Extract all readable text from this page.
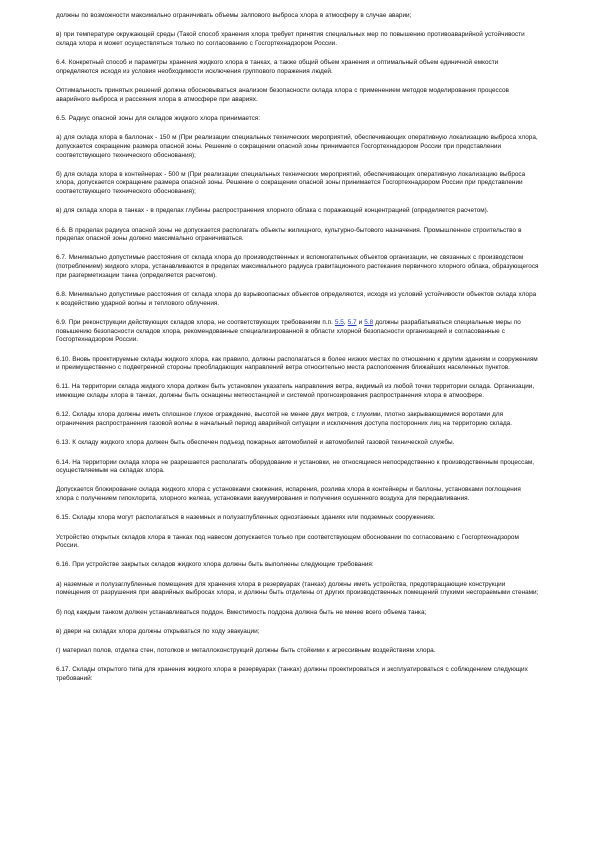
должны по возможности максимально ограничивать объемы залпового выброса хлора в атмосферу в случае аварии;

в) при температуре окружающей среды (Такой способ хранения хлора требует принятия специальных мер по повышению противоаварийной устойчивости склада хлора и может осуществляться только по согласованию с Госгортехнадзором России.

6.4. Конкретный способ и параметры хранения жидкого хлора в танках, а также общий объем хранения и оптимальный объем единичной емкости определяются исходя из условия необходимости исключения группового поражения людей.

Оптимальность принятых решений должна обосновываться анализом безопасности склада хлора с применением методов моделирования процессов аварийного выброса и рассеяния хлора в атмосфере при авариях.

6.5. Радиус опасной зоны для складов жидкого хлора принимается:

а) для склада хлора в баллонах - 150 м (При реализации специальных технических мероприятий, обеспечивающих оперативную локализацию выброса хлора, допускается сокращение размера опасной зоны. Решение о сокращении опасной зоны принимается Госгортехнадзором России при представлении соответствующего технического обоснования);

б) для склада хлора в контейнерах - 500 м (При реализации специальных технических мероприятий, обеспечивающих оперативную локализацию выброса хлора, допускается сокращение размера опасной зоны. Решение о сокращении опасной зоны принимается Госгортехнадзором России при представлении соответствующего технического обоснования);

в) для склада хлора в танках - в пределах глубины распространения хлорного облака с поражающей концентрацией (определяется расчетом).

6.6. В пределах радиуса опасной зоны не допускается располагать объекты жилищного, культурно-бытового назначения. Промышленное строительство в пределах опасной зоны должно максимально ограничиваться.

6.7. Минимально допустимые расстояния от склада хлора до производственных и вспомогательных объектов организации, не связанных с производством (потреблением) жидкого хлора, устанавливаются в пределах максимального радиуса гравитационного растекания первичного хлорного облака, образующегося при разгерметизации танка (определяется расчетом).

6.8. Минимально допустимые расстояния от склада хлора до взрывоопасных объектов определяются, исходя из условий устойчивости объектов склада хлора к воздействию ударной волны и теплового облучения.

6.9. При реконструкции действующих складов хлора, не соответствующих требованиям п.п. 5.5, 5.7 и 5.8 должны разрабатываться специальные меры по повышению безопасности складов хлора, рекомендованные специализированной в области хлорной безопасности организацией и согласованные с Госгортехнадзором России.

6.10. Вновь проектируемые склады жидкого хлора, как правило, должны располагаться в более низких местах по отношению к другим зданиям и сооружениям и преимущественно с подветренной стороны преобладающих направлений ветра относительно места расположения ближайших населенных пунктов.

6.11. На территории склада жидкого хлора должен быть установлен указатель направления ветра, видимый из любой точки территории склада. Организации, имеющие склады хлора в танках, должны быть оснащены метеостанцией и системой прогнозирования распространения хлора в атмосфере.

6.12. Склады хлора должны иметь сплошное глухое ограждение, высотой не менее двух метров, с глухими, плотно закрывающимися воротами для ограничения распространения газовой волны в начальный период аварийной ситуации и исключения доступа посторонних лиц на территорию склада.

6.13. К складу жидкого хлора должен быть обеспечен подъезд пожарных автомобилей и автомобилей газовой технической службы.

6.14. На территории склада хлора не разрешается располагать оборудование и установки, не относящиеся непосредственно к производственным процессам, осуществляемым на складах хлора.

Допускается блокирование склада жидкого хлора с установками сжижения, испарения, розлива хлора в контейнеры и баллоны, установками поглощения хлора с получением гипохлорита, хлорного железа, установками вакуумирования и получения осушенного воздуха для передавливания.

6.15. Склады хлора могут располагаться в наземных и полузаглубленных одноэтажных зданиях или подземных сооружениях.

Устройство открытых складов хлора в танках под навесом допускается только при соответствующем обосновании по согласованию с Госгортехнадзором России.

6.16. При устройстве закрытых складов жидкого хлора должны быть выполнены следующие требования:

а) наземные и полузаглубленные помещения для хранения хлора в резервуарах (танках) должны иметь устройства, предотвращающие конструкции помещения от разрушения при аварийных выбросах хлора, и должны быть отделены от других производственных помещений глухими несгораемыми стенами;

б) под каждым танком должен устанавливаться поддон. Вместимость поддона должна быть не менее всего объема танка;

в) двери на складах хлора должны открываться по ходу эвакуации;

г) материал полов, отделка стен, потолков и металлоконструкций должны быть стойкими к агрессивным воздействиям хлора.

6.17. Склады открытого типа для хранения жидкого хлора в резервуарах (танках) должны проектироваться и эксплуатироваться с соблюдением следующих требований:
